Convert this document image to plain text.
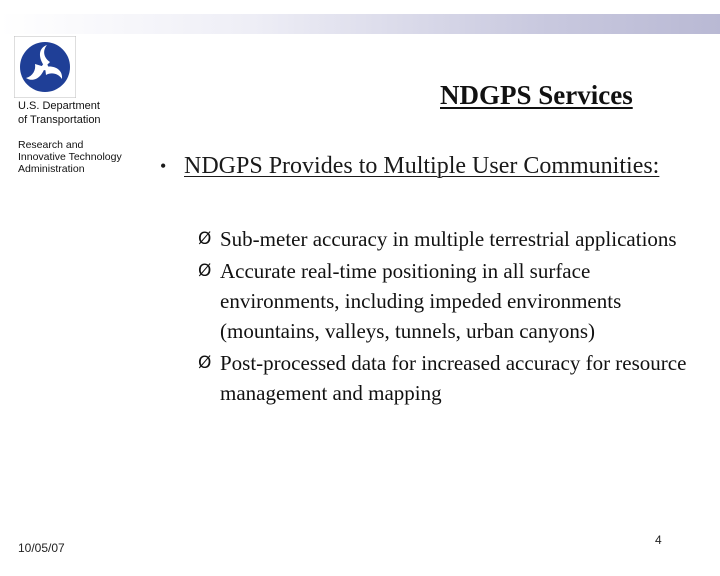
U.S. Department
of Transportation
Research and
Innovative Technology
Administration
10/05/07
NDGPS Services
• NDGPS Provides to Multiple User Communities:
Ø Sub-meter accuracy in multiple terrestrial applications
Ø Accurate real-time positioning in all surface environments, including impeded environments (mountains, valleys, tunnels, urban canyons)
Ø Post-processed data for increased accuracy for resource management and mapping
4
